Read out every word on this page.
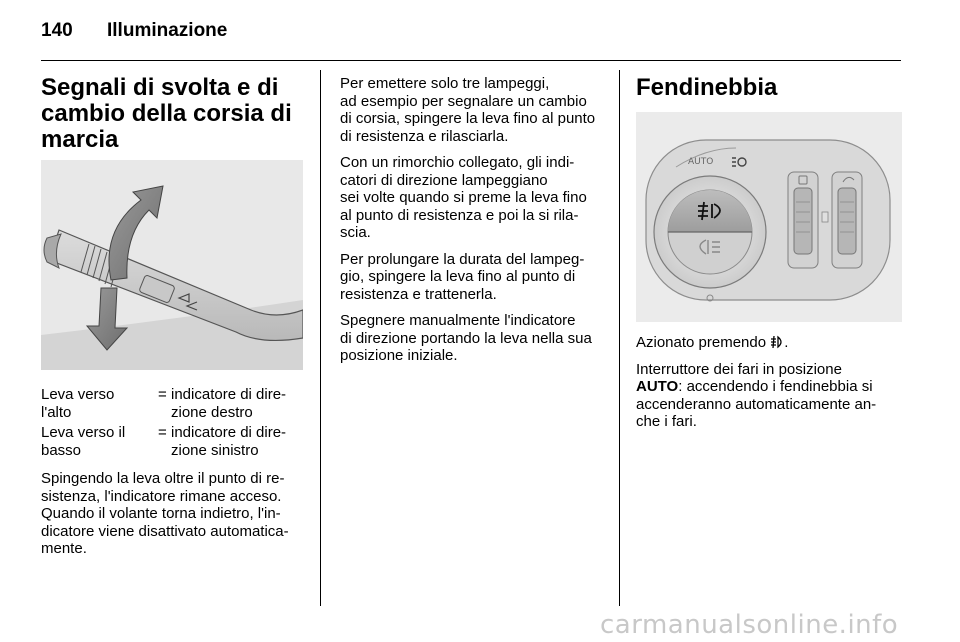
140 Illuminazione
Segnali di svolta e di
cambio della corsia di
marcia
Leva verso
l'alto
= indicatore di dire-
zione destro
Leva verso il
basso
= indicatore di dire-
zione sinistro

Spingendo la leva oltre il punto di re-
sistenza, l'indicatore rimane acceso.
Quando il volante torna indietro, l'in-
dicatore viene disattivato automatica-
mente.

Per emettere solo tre lampeggi,
ad esempio per segnalare un cambio
di corsia, spingere la leva fino al punto
di resistenza e rilasciarla.

Con un rimorchio collegato, gli indi-
catori di direzione lampeggiano
sei volte quando si preme la leva fino
al punto di resistenza e poi la si rila-
scia.

Per prolungare la durata del lampeg-
gio, spingere la leva fino al punto di
resistenza e trattenerla.

Spegnere manualmente l'indicatore
di direzione portando la leva nella sua
posizione iniziale.

Fendinebbia
AUTO

Azionato premendo .

Interruttore dei fari in posizione
AUTO: accendendo i fendinebbia si
accenderanno automaticamente an-
che i fari.

carmanualsonline.info
